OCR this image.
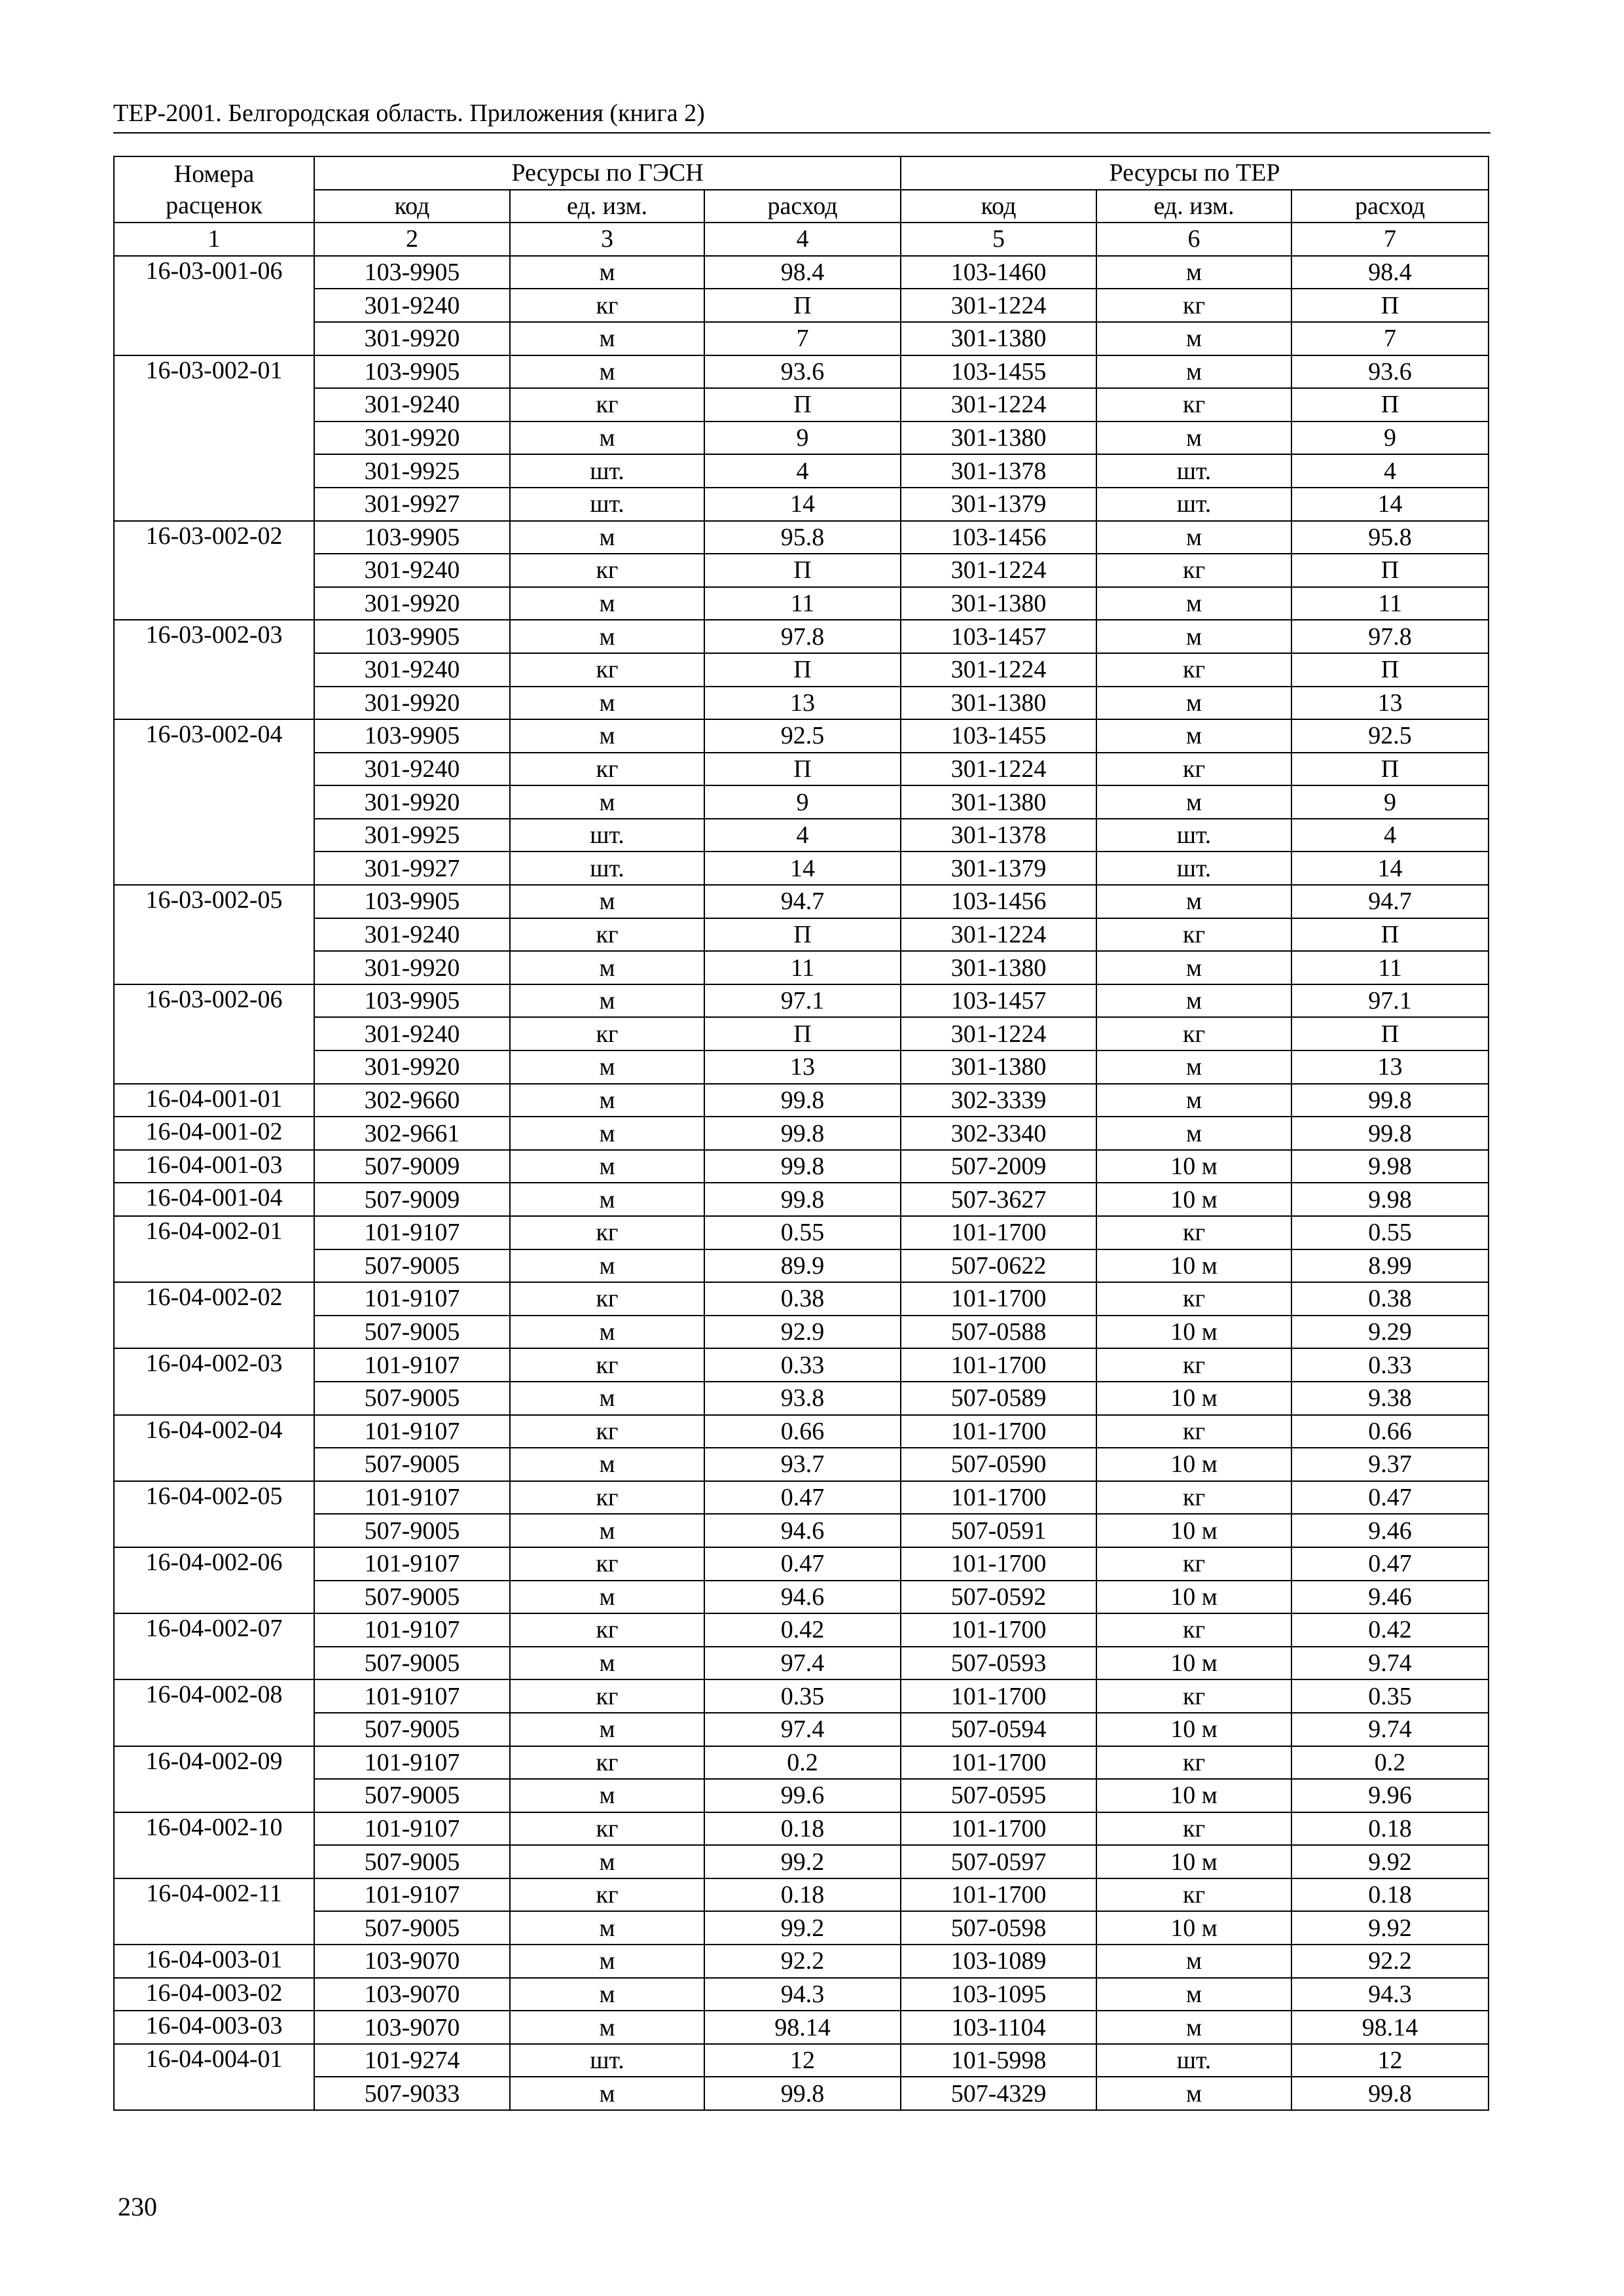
ТЕР-2001. Белгородская область. Приложения (книга 2)
Номера расценок	Ресурсы по ГЭСН			Ресурсы по ТЕР		
	код	ед. изм.	расход	код	ед. изм.	расход
1	2	3	4	5	6	7
16-03-001-06	103-9905	м	98.4	103-1460	м	98.4
	301-9240	кг	П	301-1224	кг	П
	301-9920	м	7	301-1380	м	7
16-03-002-01	103-9905	м	93.6	103-1455	м	93.6
	301-9240	кг	П	301-1224	кг	П
	301-9920	м	9	301-1380	м	9
	301-9925	шт.	4	301-1378	шт.	4
	301-9927	шт.	14	301-1379	шт.	14
16-03-002-02	103-9905	м	95.8	103-1456	м	95.8
	301-9240	кг	П	301-1224	кг	П
	301-9920	м	11	301-1380	м	11
16-03-002-03	103-9905	м	97.8	103-1457	м	97.8
	301-9240	кг	П	301-1224	кг	П
	301-9920	м	13	301-1380	м	13
16-03-002-04	103-9905	м	92.5	103-1455	м	92.5
	301-9240	кг	П	301-1224	кг	П
	301-9920	м	9	301-1380	м	9
	301-9925	шт.	4	301-1378	шт.	4
	301-9927	шт.	14	301-1379	шт.	14
16-03-002-05	103-9905	м	94.7	103-1456	м	94.7
	301-9240	кг	П	301-1224	кг	П
	301-9920	м	11	301-1380	м	11
16-03-002-06	103-9905	м	97.1	103-1457	м	97.1
	301-9240	кг	П	301-1224	кг	П
	301-9920	м	13	301-1380	м	13
16-04-001-01	302-9660	м	99.8	302-3339	м	99.8
16-04-001-02	302-9661	м	99.8	302-3340	м	99.8
16-04-001-03	507-9009	м	99.8	507-2009	10 м	9.98
16-04-001-04	507-9009	м	99.8	507-3627	10 м	9.98
16-04-002-01	101-9107	кг	0.55	101-1700	кг	0.55
	507-9005	м	89.9	507-0622	10 м	8.99
16-04-002-02	101-9107	кг	0.38	101-1700	кг	0.38
	507-9005	м	92.9	507-0588	10 м	9.29
16-04-002-03	101-9107	кг	0.33	101-1700	кг	0.33
	507-9005	м	93.8	507-0589	10 м	9.38
16-04-002-04	101-9107	кг	0.66	101-1700	кг	0.66
	507-9005	м	93.7	507-0590	10 м	9.37
16-04-002-05	101-9107	кг	0.47	101-1700	кг	0.47
	507-9005	м	94.6	507-0591	10 м	9.46
16-04-002-06	101-9107	кг	0.47	101-1700	кг	0.47
	507-9005	м	94.6	507-0592	10 м	9.46
16-04-002-07	101-9107	кг	0.42	101-1700	кг	0.42
	507-9005	м	97.4	507-0593	10 м	9.74
16-04-002-08	101-9107	кг	0.35	101-1700	кг	0.35
	507-9005	м	97.4	507-0594	10 м	9.74
16-04-002-09	101-9107	кг	0.2	101-1700	кг	0.2
	507-9005	м	99.6	507-0595	10 м	9.96
16-04-002-10	101-9107	кг	0.18	101-1700	кг	0.18
	507-9005	м	99.2	507-0597	10 м	9.92
16-04-002-11	101-9107	кг	0.18	101-1700	кг	0.18
	507-9005	м	99.2	507-0598	10 м	9.92
16-04-003-01	103-9070	м	92.2	103-1089	м	92.2
16-04-003-02	103-9070	м	94.3	103-1095	м	94.3
16-04-003-03	103-9070	м	98.14	103-1104	м	98.14
16-04-004-01	101-9274	шт.	12	101-5998	шт.	12
	507-9033	м	99.8	507-4329	м	99.8
230
